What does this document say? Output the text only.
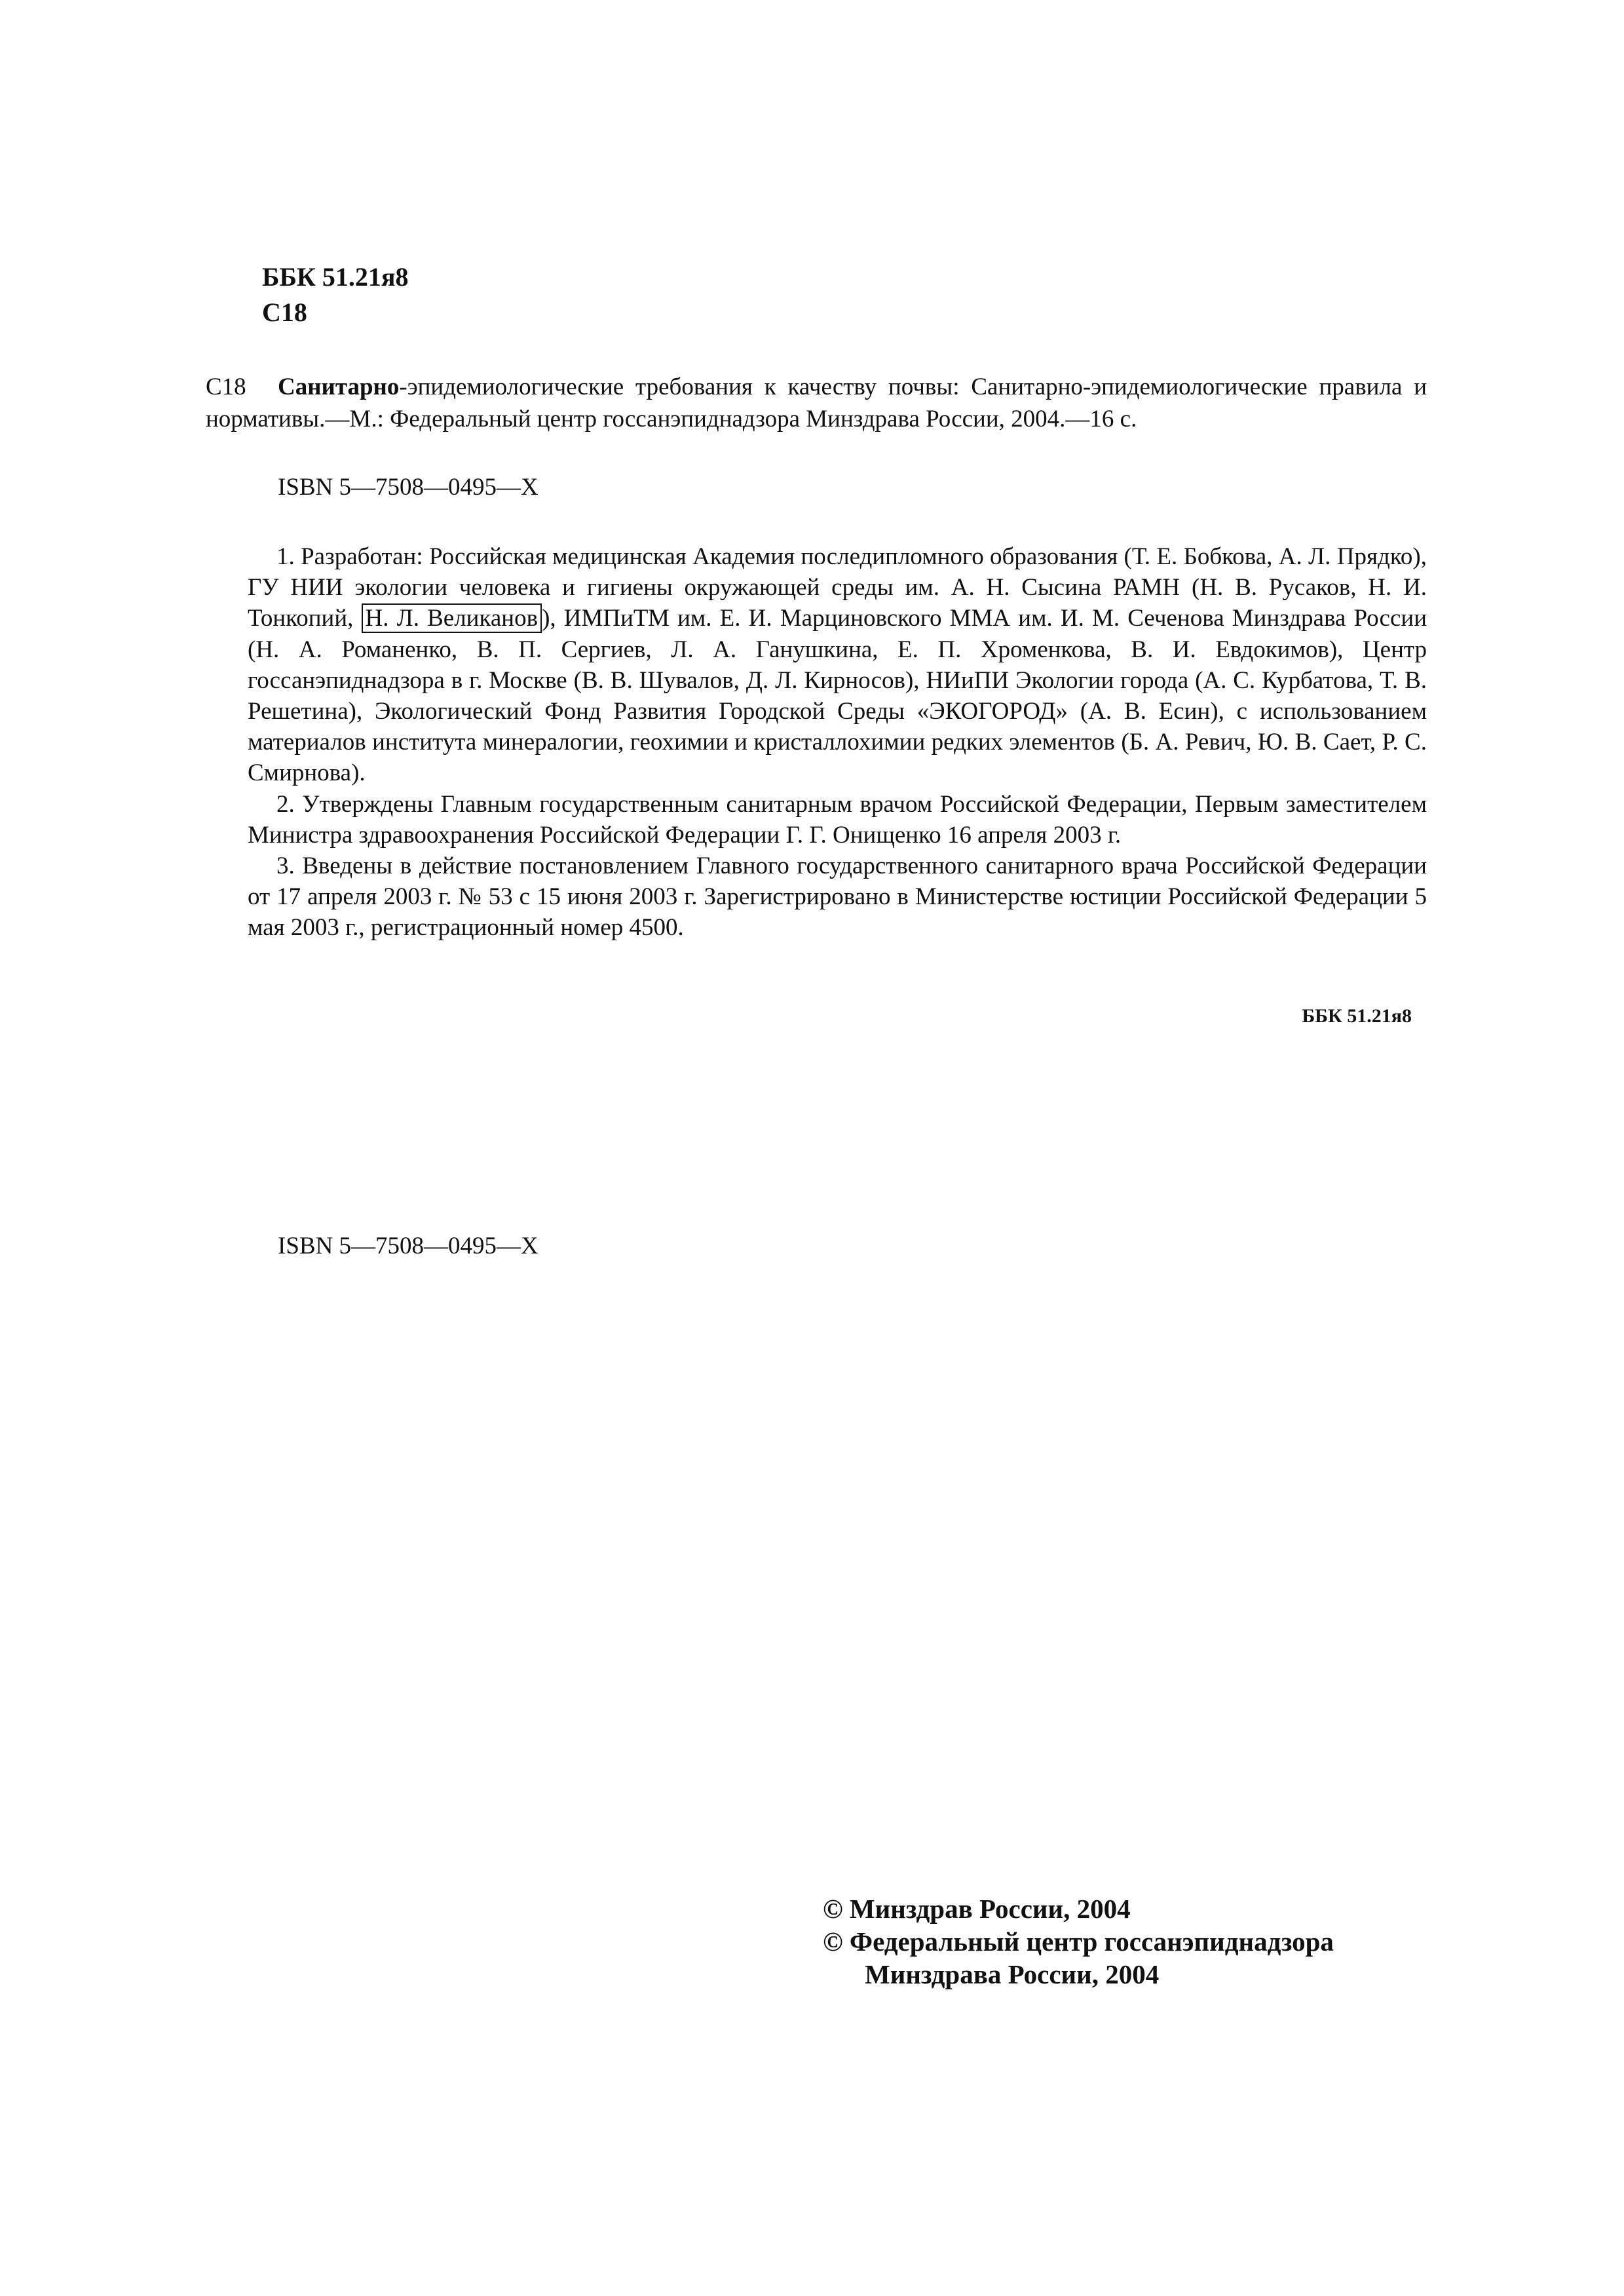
ББК 51.21я8
С18
С18 Санитарно-эпидемиологические требования к качеству почвы: Санитарно-эпидемиологические правила и нормативы.—М.: Федеральный центр госсанэпиднадзора Минздрава России, 2004.—16 с.
ISBN 5—7508—0495—X

1. Разработан: Российская медицинская Академия последипломного образования (Т. Е. Бобкова, А. Л. Прядко), ГУ НИИ экологии человека и гигиены окружающей среды им. А. Н. Сысина РАМН (Н. В. Русаков, Н. И. Тонкопий, Н. Л. Великанов ), ИМПиТМ им. Е. И. Марциновского ММА им. И. М. Сеченова Минздрава России (Н. А. Романенко, В. П. Сергиев, Л. А. Ганушкина, Е. П. Хроменкова, В. И. Евдокимов), Центр госсанэпиднадзора в г. Москве (В. В. Шувалов, Д. Л. Кирносов), НИиПИ Экологии города (А. С. Курбатова, Т. В. Решетина), Экологический Фонд Развития Городской Среды «ЭКОГОРОД» (А. В. Есин), с использованием материалов института минералогии, геохимии и кристаллохимии редких элементов (Б. А. Ревич, Ю. В. Сает, Р. С. Смирнова).

2. Утверждены Главным государственным санитарным врачом Российской Федерации, Первым заместителем Министра здравоохранения Российской Федерации Г. Г. Онищенко 16 апреля 2003 г.

3. Введены в действие постановлением Главного государственного санитарного врача Российской Федерации от 17 апреля 2003 г. № 53 с 15 июня 2003 г. Зарегистрировано в Министерстве юстиции Российской Федерации 5 мая 2003 г., регистрационный номер 4500.

ББК 51.21я8
ISBN 5—7508—0495—X
© Минздрав России, 2004
© Федеральный центр госсанэпиднадзора
Минздрава России, 2004
